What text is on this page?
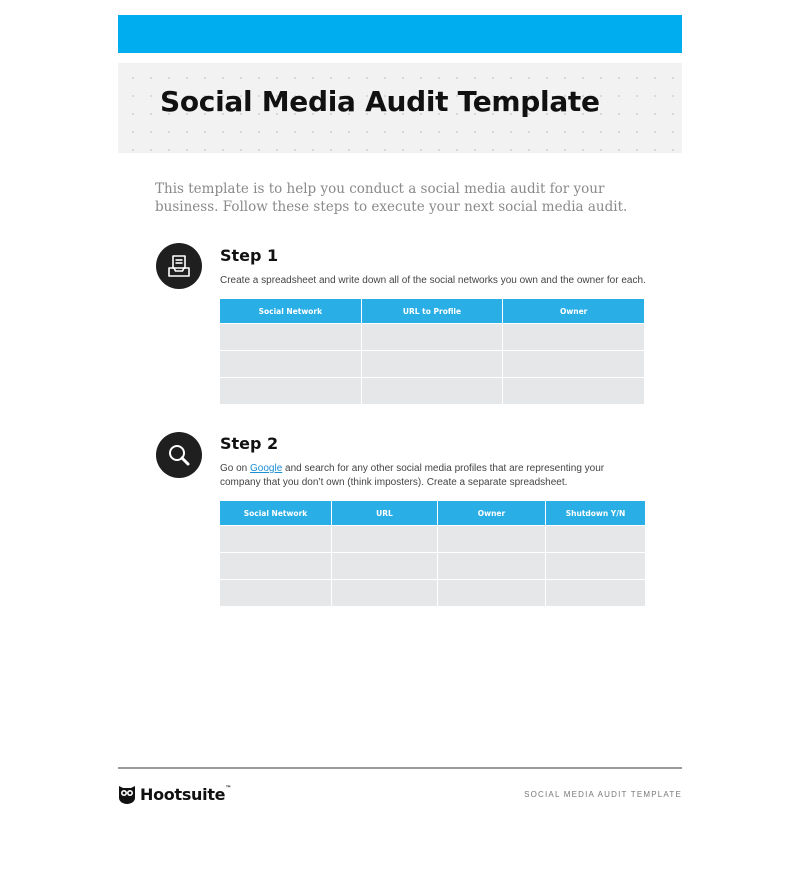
Social Media Audit Template

This template is to help you conduct a social media audit for your business. Follow these steps to execute your next social media audit.

Step 1

Create a spreadsheet and write down all of the social networks you own and the owner for each.

Social Network	URL to Profile	Owner

Step 2

Go on Google and search for any other social media profiles that are representing your company that you don’t own (think imposters). Create a separate spreadsheet.

Social Network	URL	Owner	Shutdown Y/N

Hootsuite™
SOCIAL MEDIA AUDIT TEMPLATE
